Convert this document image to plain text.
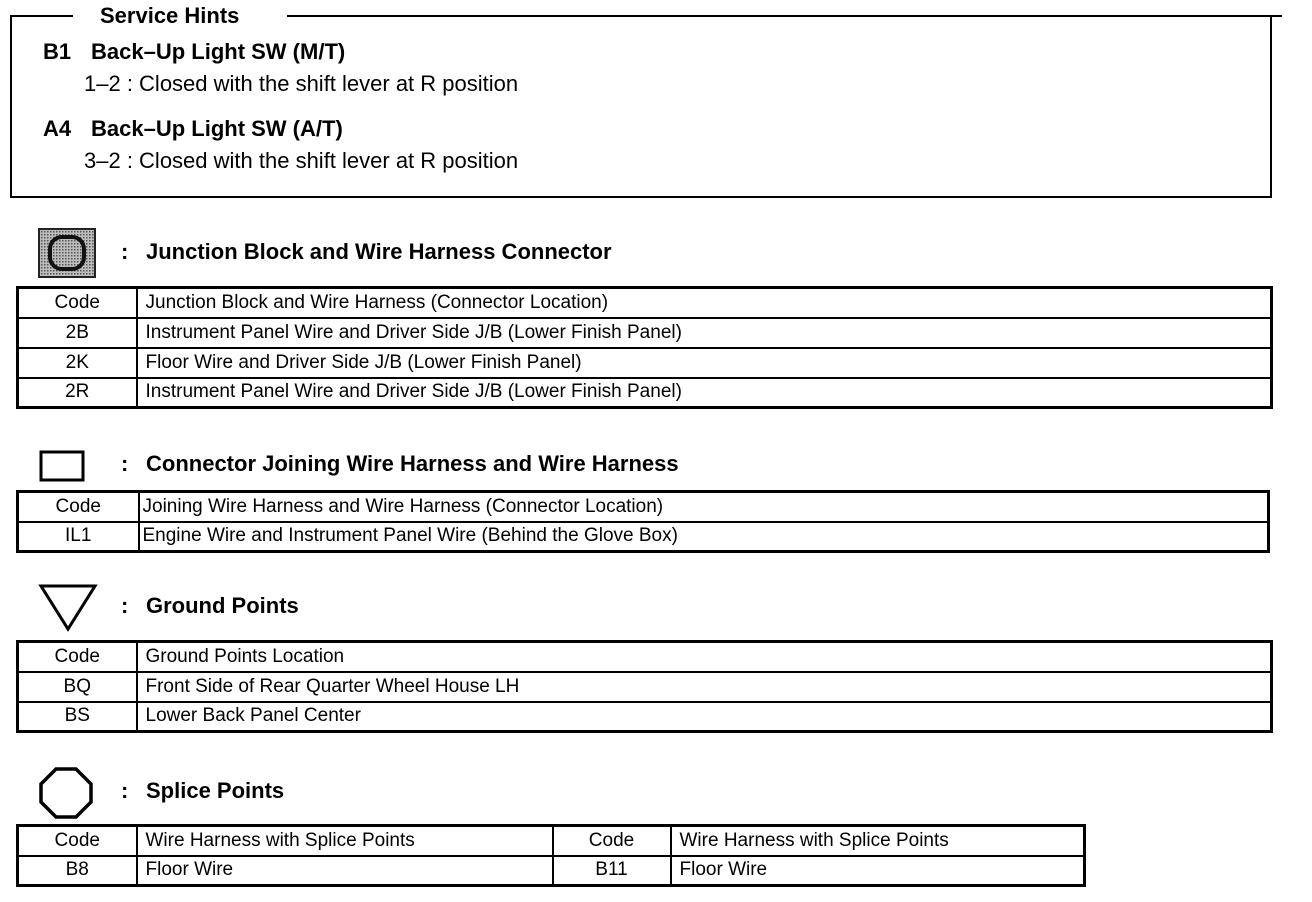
Service Hints
B1 Back–Up Light SW (M/T)
1–2 : Closed with the shift lever at R position
A4 Back–Up Light SW (A/T)
3–2 : Closed with the shift lever at R position
: Junction Block and Wire Harness Connector
Code	Junction Block and Wire Harness (Connector Location)
2B	Instrument Panel Wire and Driver Side J/B (Lower Finish Panel)
2K	Floor Wire and Driver Side J/B (Lower Finish Panel)
2R	Instrument Panel Wire and Driver Side J/B (Lower Finish Panel)
: Connector Joining Wire Harness and Wire Harness
Code	Joining Wire Harness and Wire Harness (Connector Location)
IL1	Engine Wire and Instrument Panel Wire (Behind the Glove Box)
: Ground Points
Code	Ground Points Location
BQ	Front Side of Rear Quarter Wheel House LH
BS	Lower Back Panel Center
: Splice Points
Code	Wire Harness with Splice Points	Code	Wire Harness with Splice Points
B8	Floor Wire	B11	Floor Wire
